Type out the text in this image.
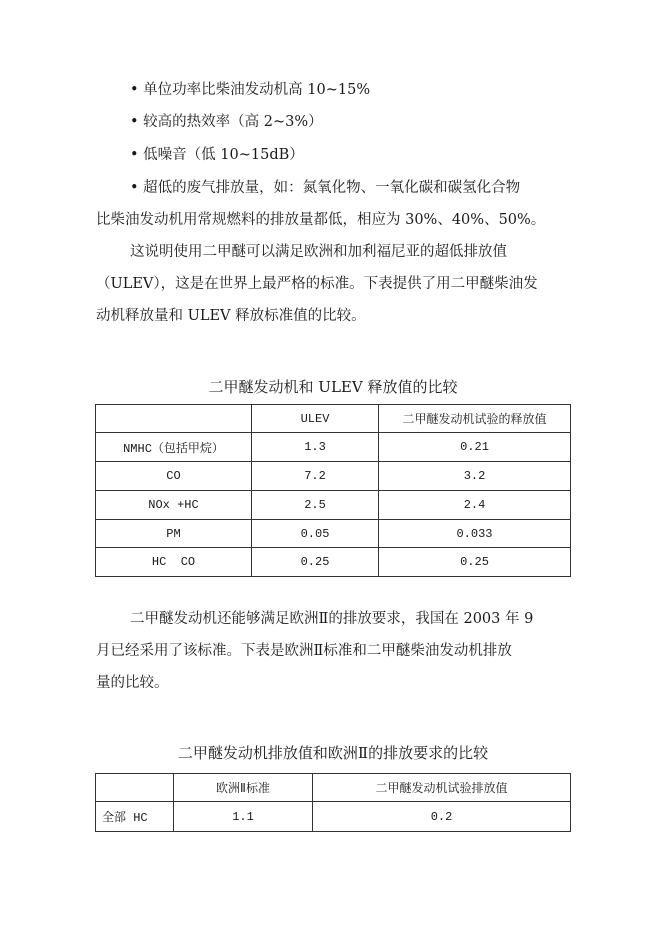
• 单位功率比柴油发动机高 10~15%
• 较高的热效率（高 2~3%）
• 低噪音（低 10~15dB）
• 超低的废气排放量，如：氮氧化物、一氧化碳和碳氢化合物
比柴油发动机用常规燃料的排放量都低，相应为 30%、40%、50%。
这说明使用二甲醚可以满足欧洲和加利福尼亚的超低排放值
（ULEV），这是在世界上最严格的标准。下表提供了用二甲醚柴油发
动机释放量和 ULEV 释放标准值的比较。
二甲醚发动机和 ULEV 释放值的比较
	ULEV	二甲醚发动机试验的释放值
NMHC（包括甲烷）	1.3	0.21
CO	7.2	3.2
NOx +HC	2.5	2.4
PM	0.05	0.033
HC  CO	0.25	0.25
二甲醚发动机还能够满足欧洲Ⅱ的排放要求，我国在 2003 年 9
月已经采用了该标准。下表是欧洲Ⅱ标准和二甲醚柴油发动机排放
量的比较。
二甲醚发动机排放值和欧洲Ⅱ的排放要求的比较
	欧洲Ⅱ标准	二甲醚发动机试验排放值
全部 HC	1.1	0.2
